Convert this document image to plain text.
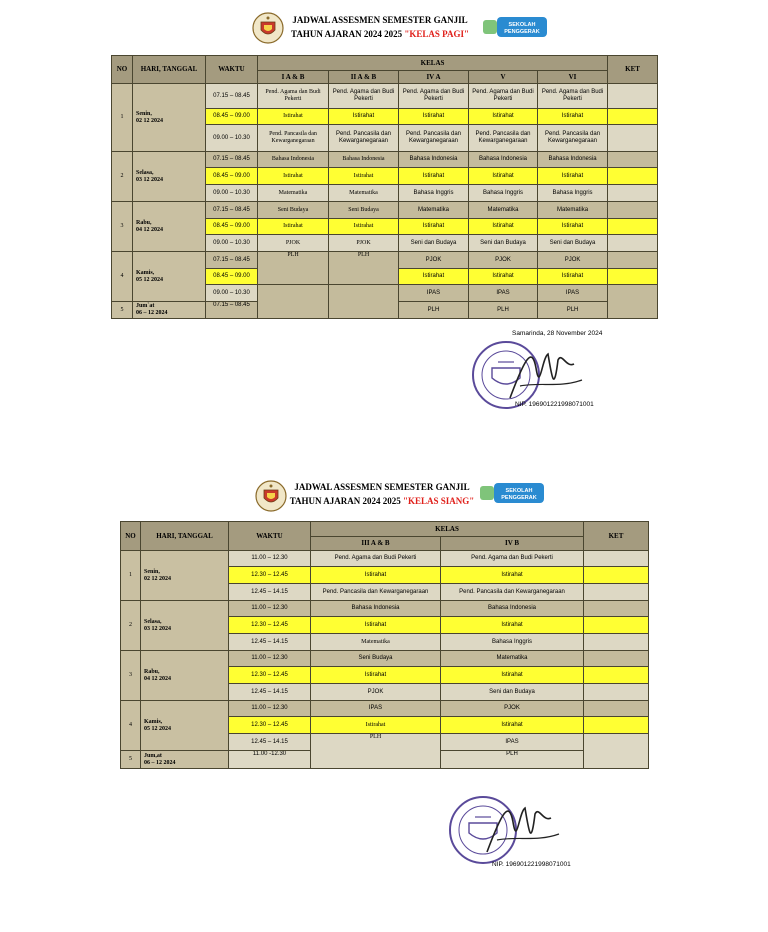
JADWAL ASSESMEN SEMESTER GANJIL
TAHUN AJARAN 2024 2025 "KELAS PAGI"
SEKOLAH
PENGGERAK
NO	HARI, TANGGAL	WAKTU	KELAS					KET
			I A & B	II A & B	IV A	V	VI	
1	Senin,
02 12 2024	07.15 – 08.45	Pend. Agama dan Budi Pekerti	Pend. Agama dan Budi Pekerti	Pend. Agama dan Budi Pekerti	Pend. Agama dan Budi Pekerti	Pend. Agama dan Budi Pekerti	
		08.45 – 09.00	Istirahat	Istirahat	Istirahat	Istirahat	Istirahat	
		09.00 – 10.30	Pend. Pancasila dan Kewarganegaraan	Pend. Pancasila dan Kewarganegaraan	Pend. Pancasila dan Kewarganegaraan	Pend. Pancasila dan Kewarganegaraan	Pend. Pancasila dan Kewarganegaraan	
2	Selasa,
03 12 2024	07.15 – 08.45	Bahasa Indonesia	Bahasa Indonesia	Bahasa Indonesia	Bahasa Indonesia	Bahasa Indonesia	
		08.45 – 09.00	Istirahat	Istirahat	Istirahat	Istirahat	Istirahat	
		09.00 – 10.30	Matematika	Matematika	Bahasa Inggris	Bahasa Inggris	Bahasa Inggris	
3	Rabu,
04 12 2024	07.15 – 08.45	Seni Budaya	Seni Budaya	Matematika	Matematika	Matematika	
		08.45 – 09.00	Istirahat	Istirahat	Istirahat	Istirahat	Istirahat	
		09.00 – 10.30	PJOK	PJOK	Seni dan Budaya	Seni dan Budaya	Seni dan Budaya	
4	Kamis,
05 12 2024	07.15 – 08.45	PLH	PLH	PJOK	PJOK	PJOK	
		08.45 – 09.00			Istirahat	Istirahat	Istirahat	
		09.00 – 10.30			IPAS	IPAS	IPAS	
5	Jum`at
06 – 12 2024	07.15 – 08.45			PLH	PLH	PLH	
Samarinda, 28 November 2024
NIP. 196901221998071001
JADWAL ASSESMEN SEMESTER GANJIL
TAHUN AJARAN 2024 2025 "KELAS SIANG"
SEKOLAH
PENGGERAK
NO	HARI, TANGGAL	WAKTU	KELAS		KET
			III A & B	IV B	
1	Senin,
02 12 2024	11.00 – 12.30	Pend. Agama dan Budi Pekerti	Pend. Agama dan Budi Pekerti	
		12.30 – 12.45	Istirahat	Istirahat	
		12.45 – 14.15	Pend. Pancasila dan Kewarganegaraan	Pend. Pancasila dan Kewarganegaraan	
2	Selasa,
03 12 2024	11.00 – 12.30	Bahasa Indonesia	Bahasa Indonesia	
		12.30 – 12.45	Istirahat	Istirahat	
		12.45 – 14.15	Matematika	Bahasa Inggris	
3	Rabu,
04 12 2024	11.00 – 12.30	Seni Budaya	Matematika	
		12.30 – 12.45	Istirahat	Istirahat	
		12.45 – 14.15	PJOK	Seni dan Budaya	
4	Kamis,
05 12 2024	11.00 – 12.30	IPAS	PJOK	
		12.30 – 12.45	Istirahat	Istirahat	
		12.45 – 14.15	PLH	IPAS	
5	Jum,at
06 – 12 2024	11.00 -12.30		PLH	
NIP. 196901221998071001
